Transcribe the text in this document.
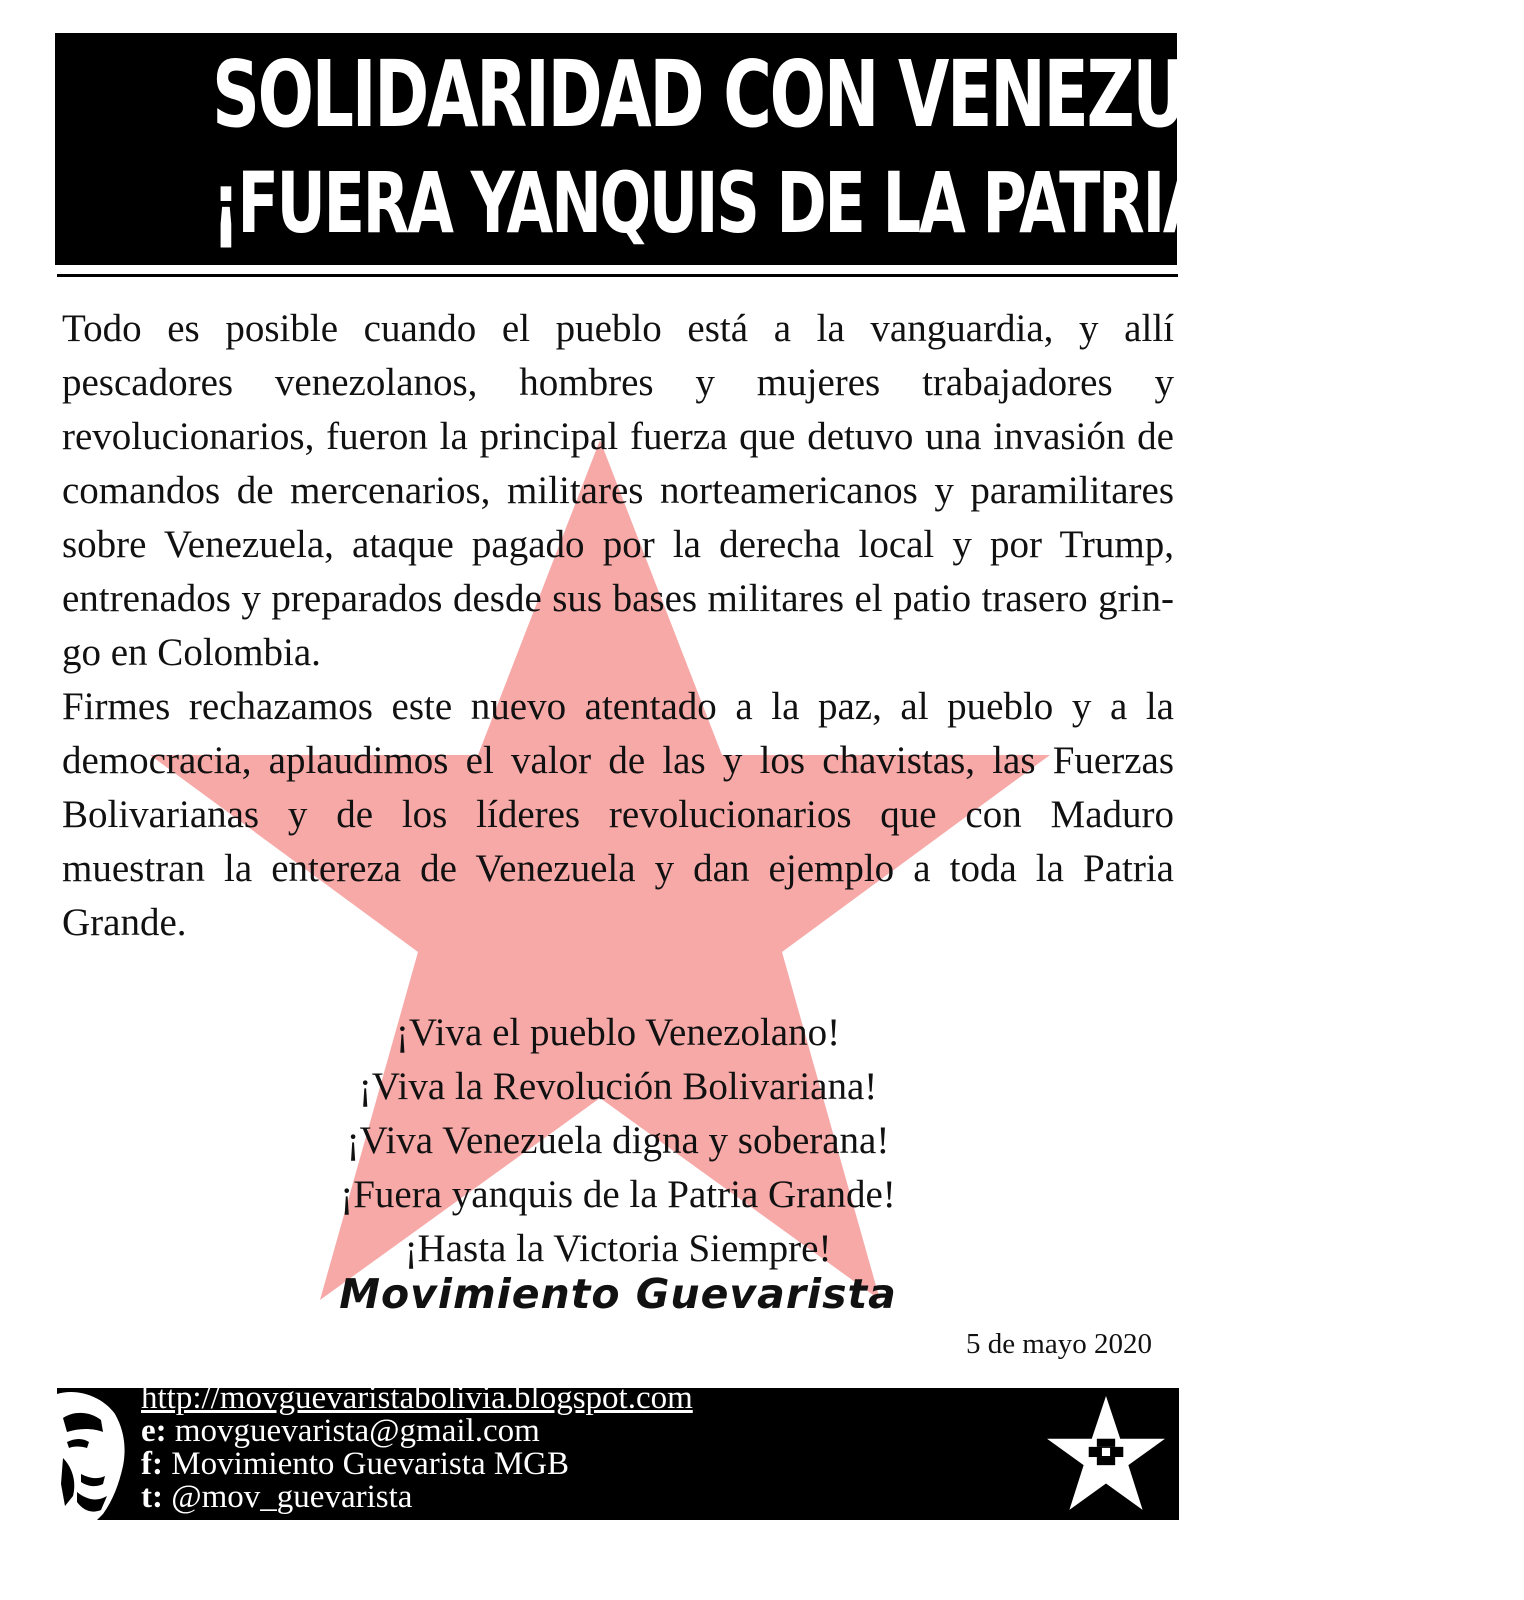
SOLIDARIDAD CON VENEZUELA
¡FUERA YANQUIS DE LA PATRIA GRANDE!

Todo es posible cuando el pueblo está a la vanguardia, y allí pescadores venezolanos, hombres y mujeres trabajadores y revolucionarios, fueron la principal fuerza que detuvo una invasión de comandos de mercenarios, militares norteamericanos y paramilitares sobre Venezuela, ataque pagado por la derecha local y por Trump, entrenados y preparados desde sus bases militares el patio trasero gringo en Colombia.

Firmes rechazamos este nuevo atentado a la paz, al pueblo y a la democracia, aplaudimos el valor de las y los chavistas, las Fuerzas Bolivarianas y de los líderes revolucionarios que con Maduro muestran la entereza de Venezuela y dan ejemplo a toda la Patria Grande.

¡Viva el pueblo Venezolano!
¡Viva la Revolución Bolivariana!
¡Viva Venezuela digna y soberana!
¡Fuera yanquis de la Patria Grande!
¡Hasta la Victoria Siempre!
Movimiento Guevarista
5 de mayo 2020
http://movguevaristabolivia.blogspot.com
e: movguevarista@gmail.com
f: Movimiento Guevarista MGB
t: @mov_guevarista
